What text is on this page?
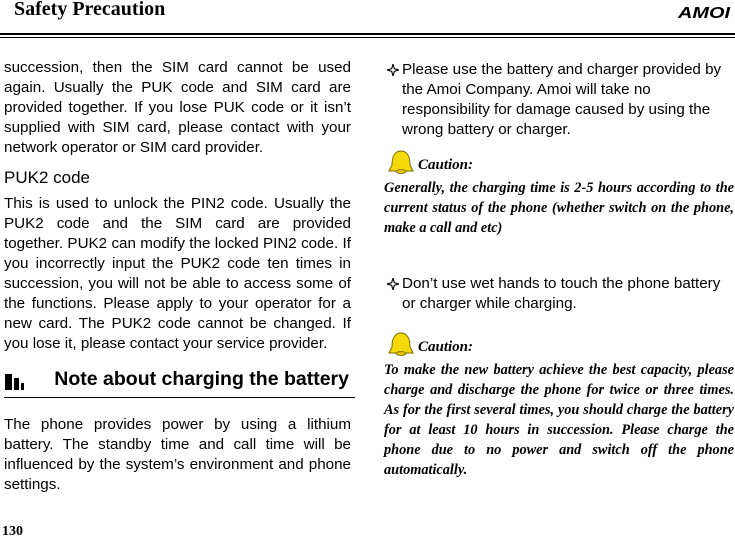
Safety Precaution	AMOI

succession, then the SIM card cannot be used again. Usually the PUK code and SIM card are provided together. If you lose PUK code or it isn’t supplied with SIM card, please contact with your network operator or SIM card provider.

PUK2 code

This is used to unlock the PIN2 code. Usually the PUK2 code and the SIM card are provided together. PUK2 can modify the locked PIN2 code. If you incorrectly input the PUK2 code ten times in succession, you will not be able to access some of the functions. Please apply to your operator for a new card. The PUK2 code cannot be changed. If you lose it, please contact your service provider.

Note about charging the battery

The phone provides power by using a lithium battery. The standby time and call time will be influenced by the system’s environment and phone settings.

Please use the battery and charger provided by the Amoi Company. Amoi will take no responsibility for damage caused by using the wrong battery or charger.
Caution:

Generally, the charging time is 2-5 hours according to the current status of the phone (whether switch on the phone, make a call and etc)

Don’t use wet hands to touch the phone battery or charger while charging.
Caution:

To make the new battery achieve the best capacity, please charge and discharge the phone for twice or three times. As for the first several times, you should charge the battery for at least 10 hours in succession. Please charge the phone due to no power and switch off the phone automatically.

130
